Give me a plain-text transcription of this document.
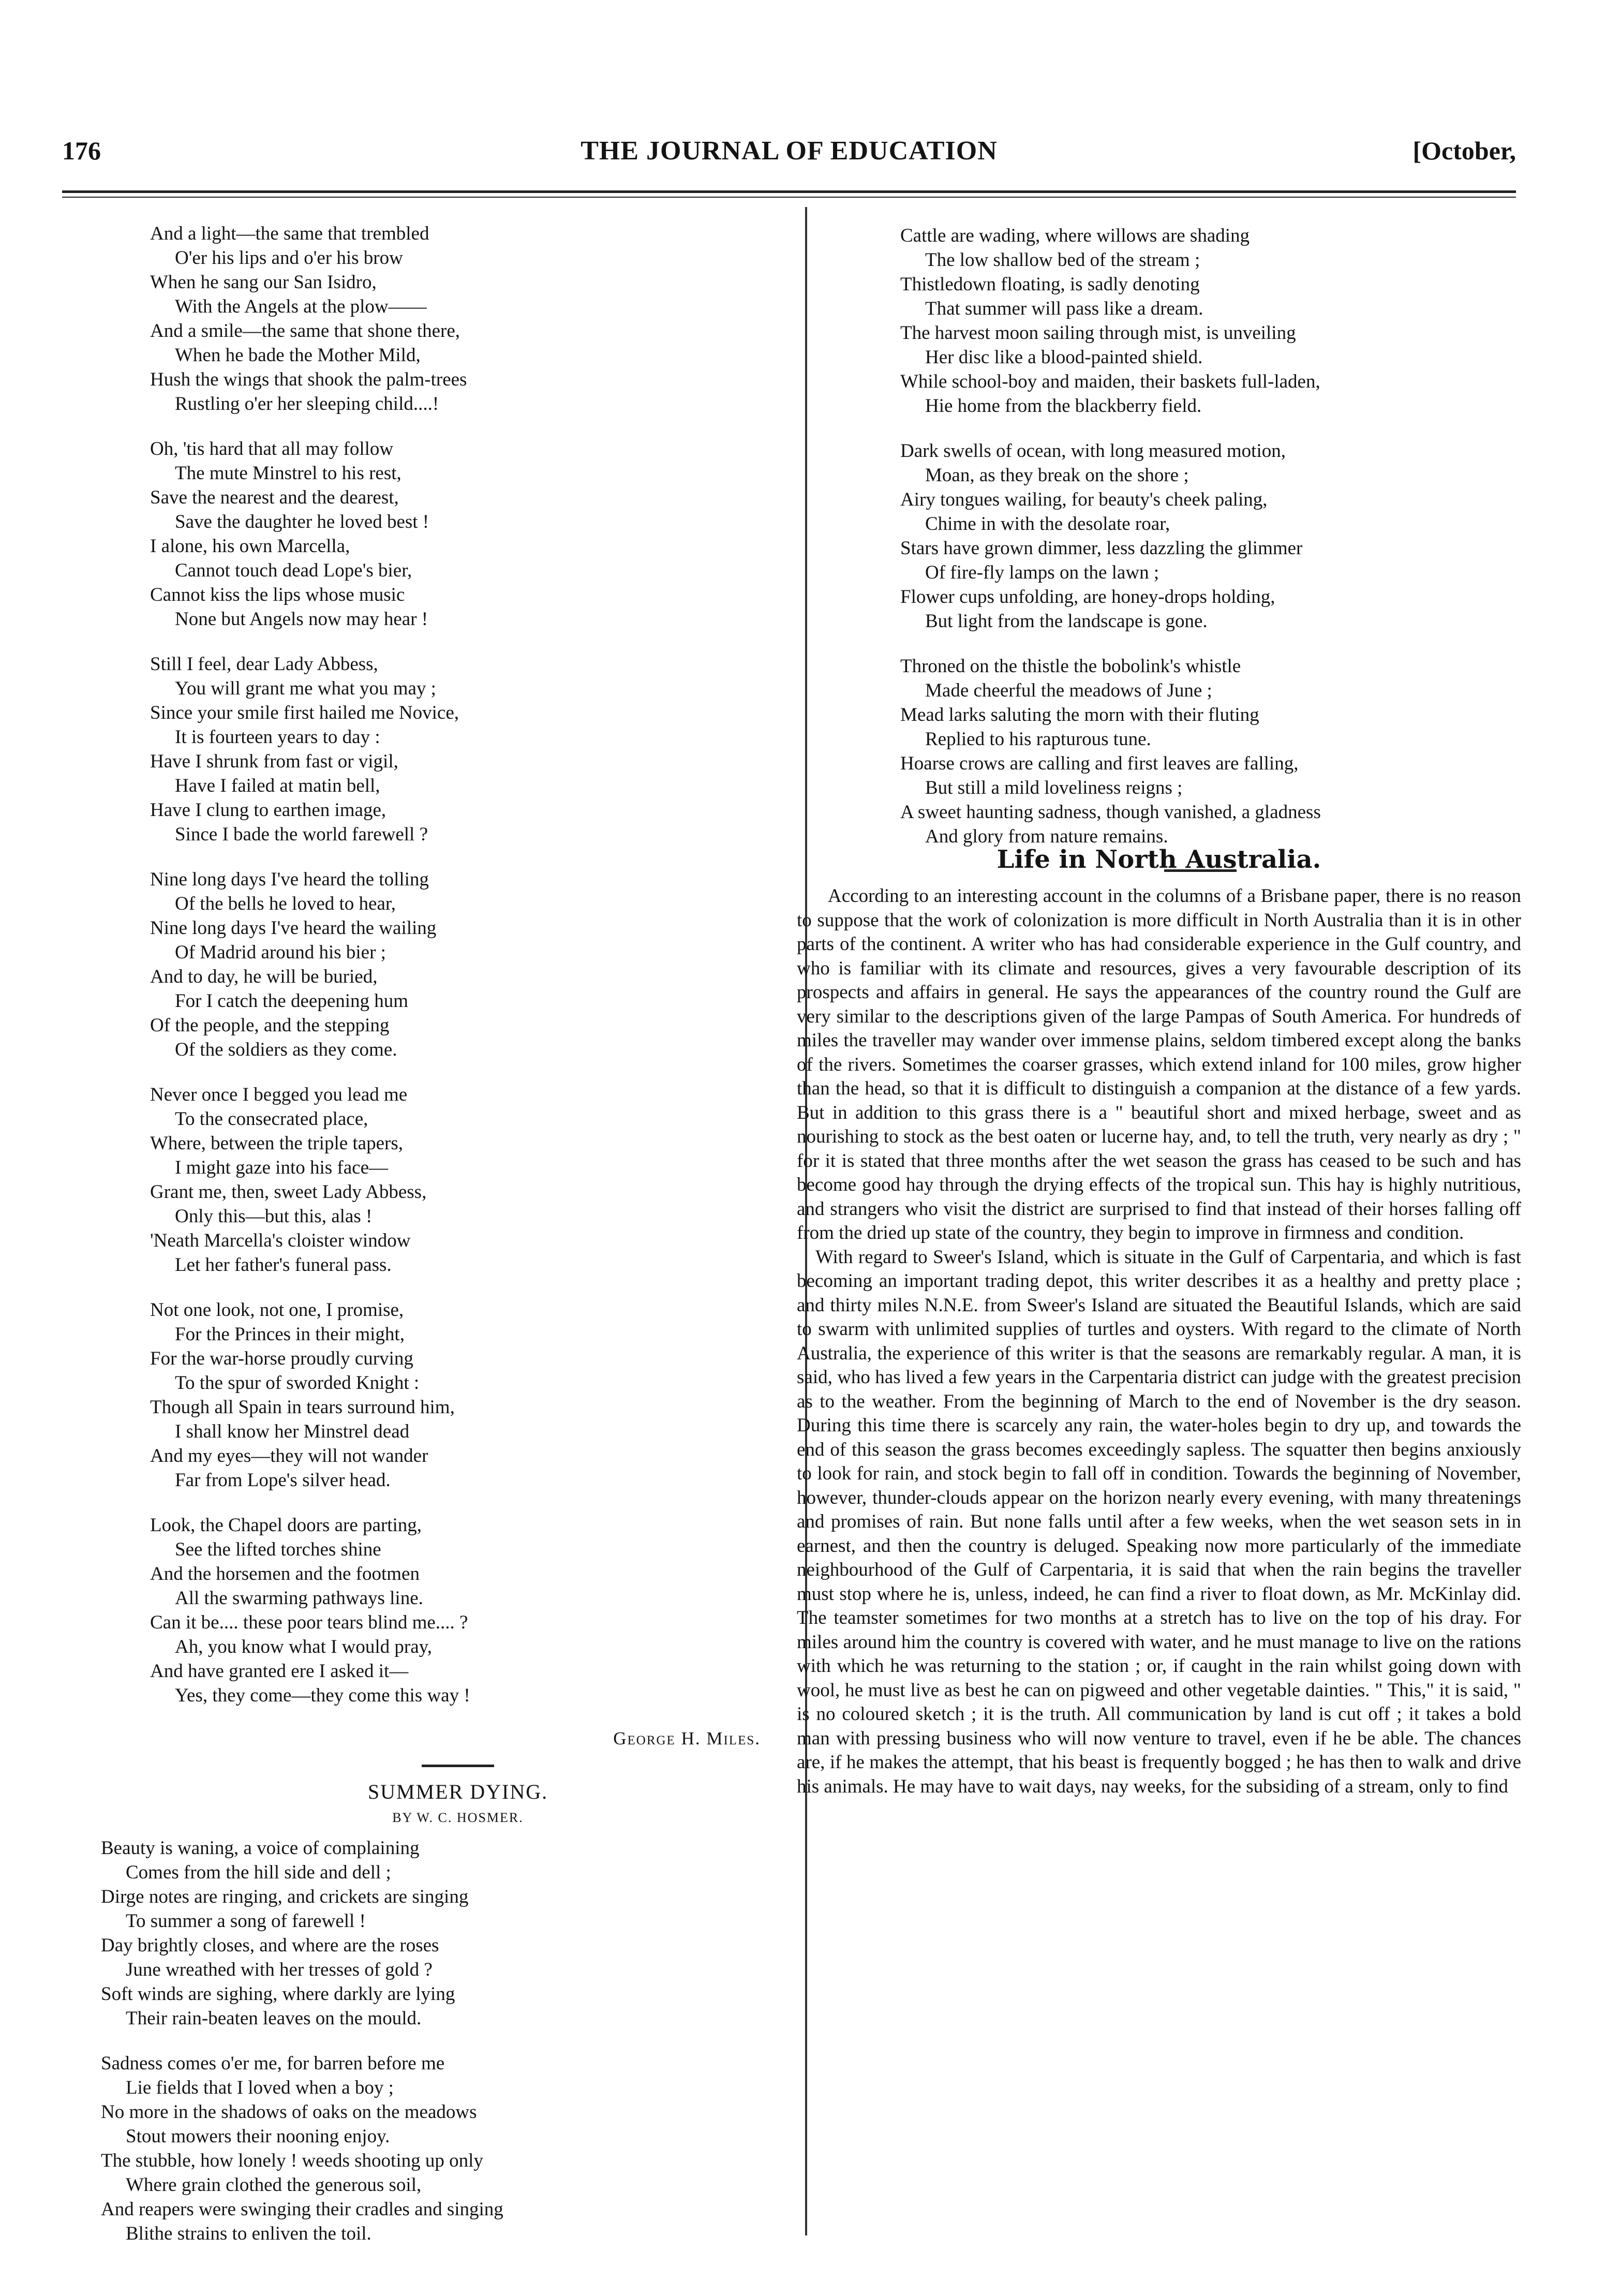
176	THE JOURNAL OF EDUCATION	[October,
And a light—the same that trembled
O'er his lips and o'er his brow
When he sang our San Isidro,
With the Angels at the plow——
And a smile—the same that shone there,
When he bade the Mother Mild,
Hush the wings that shook the palm-trees
Rustling o'er her sleeping child....!
Oh, 'tis hard that all may follow
The mute Minstrel to his rest,
Save the nearest and the dearest,
Save the daughter he loved best !
I alone, his own Marcella,
Cannot touch dead Lope's bier,
Cannot kiss the lips whose music
None but Angels now may hear !
Still I feel, dear Lady Abbess,
You will grant me what you may ;
Since your smile first hailed me Novice,
It is fourteen years to day :
Have I shrunk from fast or vigil,
Have I failed at matin bell,
Have I clung to earthen image,
Since I bade the world farewell ?
Nine long days I've heard the tolling
Of the bells he loved to hear,
Nine long days I've heard the wailing
Of Madrid around his bier ;
And to day, he will be buried,
For I catch the deepening hum
Of the people, and the stepping
Of the soldiers as they come.
Never once I begged you lead me
To the consecrated place,
Where, between the triple tapers,
I might gaze into his face—
Grant me, then, sweet Lady Abbess,
Only this—but this, alas !
'Neath Marcella's cloister window
Let her father's funeral pass.
Not one look, not one, I promise,
For the Princes in their might,
For the war-horse proudly curving
To the spur of sworded Knight :
Though all Spain in tears surround him,
I shall know her Minstrel dead
And my eyes—they will not wander
Far from Lope's silver head.
Look, the Chapel doors are parting,
See the lifted torches shine
And the horsemen and the footmen
All the swarming pathways line.
Can it be.... these poor tears blind me.... ?
Ah, you know what I would pray,
And have granted ere I asked it—
Yes, they come—they come this way !
George H. Miles.
SUMMER DYING.
BY W. C. HOSMER.
Beauty is waning, a voice of complaining
Comes from the hill side and dell ;
Dirge notes are ringing, and crickets are singing
To summer a song of farewell !
Day brightly closes, and where are the roses
June wreathed with her tresses of gold ?
Soft winds are sighing, where darkly are lying
Their rain-beaten leaves on the mould.
Sadness comes o'er me, for barren before me
Lie fields that I loved when a boy ;
No more in the shadows of oaks on the meadows
Stout mowers their nooning enjoy.
The stubble, how lonely ! weeds shooting up only
Where grain clothed the generous soil,
And reapers were swinging their cradles and singing
Blithe strains to enliven the toil.
Cattle are wading, where willows are shading
The low shallow bed of the stream ;
Thistledown floating, is sadly denoting
That summer will pass like a dream.
The harvest moon sailing through mist, is unveiling
Her disc like a blood-painted shield.
While school-boy and maiden, their baskets full-laden,
Hie home from the blackberry field.
Dark swells of ocean, with long measured motion,
Moan, as they break on the shore ;
Airy tongues wailing, for beauty's cheek paling,
Chime in with the desolate roar,
Stars have grown dimmer, less dazzling the glimmer
Of fire-fly lamps on the lawn ;
Flower cups unfolding, are honey-drops holding,
But light from the landscape is gone.
Throned on the thistle the bobolink's whistle
Made cheerful the meadows of June ;
Mead larks saluting the morn with their fluting
Replied to his rapturous tune.
Hoarse crows are calling and first leaves are falling,
But still a mild loveliness reigns ;
A sweet haunting sadness, though vanished, a gladness
And glory from nature remains.
Life in North Australia.

According to an interesting account in the columns of a Brisbane paper, there is no reason to suppose that the work of colonization is more difficult in North Australia than it is in other parts of the continent. A writer who has had considerable experience in the Gulf country, and who is familiar with its climate and resources, gives a very favourable description of its prospects and affairs in general. He says the appearances of the country round the Gulf are very similar to the descriptions given of the large Pampas of South America. For hundreds of miles the traveller may wander over immense plains, seldom timbered except along the banks of the rivers. Sometimes the coarser grasses, which extend inland for 100 miles, grow higher than the head, so that it is difficult to distinguish a companion at the distance of a few yards. But in addition to this grass there is a " beautiful short and mixed herbage, sweet and as nourishing to stock as the best oaten or lucerne hay, and, to tell the truth, very nearly as dry ; " for it is stated that three months after the wet season the grass has ceased to be such and has become good hay through the drying effects of the tropical sun. This hay is highly nutritious, and strangers who visit the district are surprised to find that instead of their horses falling off from the dried up state of the country, they begin to improve in firmness and condition.

With regard to Sweer's Island, which is situate in the Gulf of Carpentaria, and which is fast becoming an important trading depot, this writer describes it as a healthy and pretty place ; and thirty miles N.N.E. from Sweer's Island are situated the Beautiful Islands, which are said to swarm with unlimited supplies of turtles and oysters. With regard to the climate of North Australia, the experience of this writer is that the seasons are remarkably regular. A man, it is said, who has lived a few years in the Carpentaria district can judge with the greatest precision as to the weather. From the beginning of March to the end of November is the dry season. During this time there is scarcely any rain, the water-holes begin to dry up, and towards the end of this season the grass becomes exceedingly sapless. The squatter then begins anxiously to look for rain, and stock begin to fall off in condition. Towards the beginning of November, however, thunder-clouds appear on the horizon nearly every evening, with many threatenings and promises of rain. But none falls until after a few weeks, when the wet season sets in in earnest, and then the country is deluged. Speaking now more particularly of the immediate neighbourhood of the Gulf of Carpentaria, it is said that when the rain begins the traveller must stop where he is, unless, indeed, he can find a river to float down, as Mr. McKinlay did. The teamster sometimes for two months at a stretch has to live on the top of his dray. For miles around him the country is covered with water, and he must manage to live on the rations with which he was returning to the station ; or, if caught in the rain whilst going down with wool, he must live as best he can on pigweed and other vegetable dainties. " This," it is said, " is no coloured sketch ; it is the truth. All communication by land is cut off ; it takes a bold man with pressing business who will now venture to travel, even if he be able. The chances are, if he makes the attempt, that his beast is frequently bogged ; he has then to walk and drive his animals. He may have to wait days, nay weeks, for the subsiding of a stream, only to find
